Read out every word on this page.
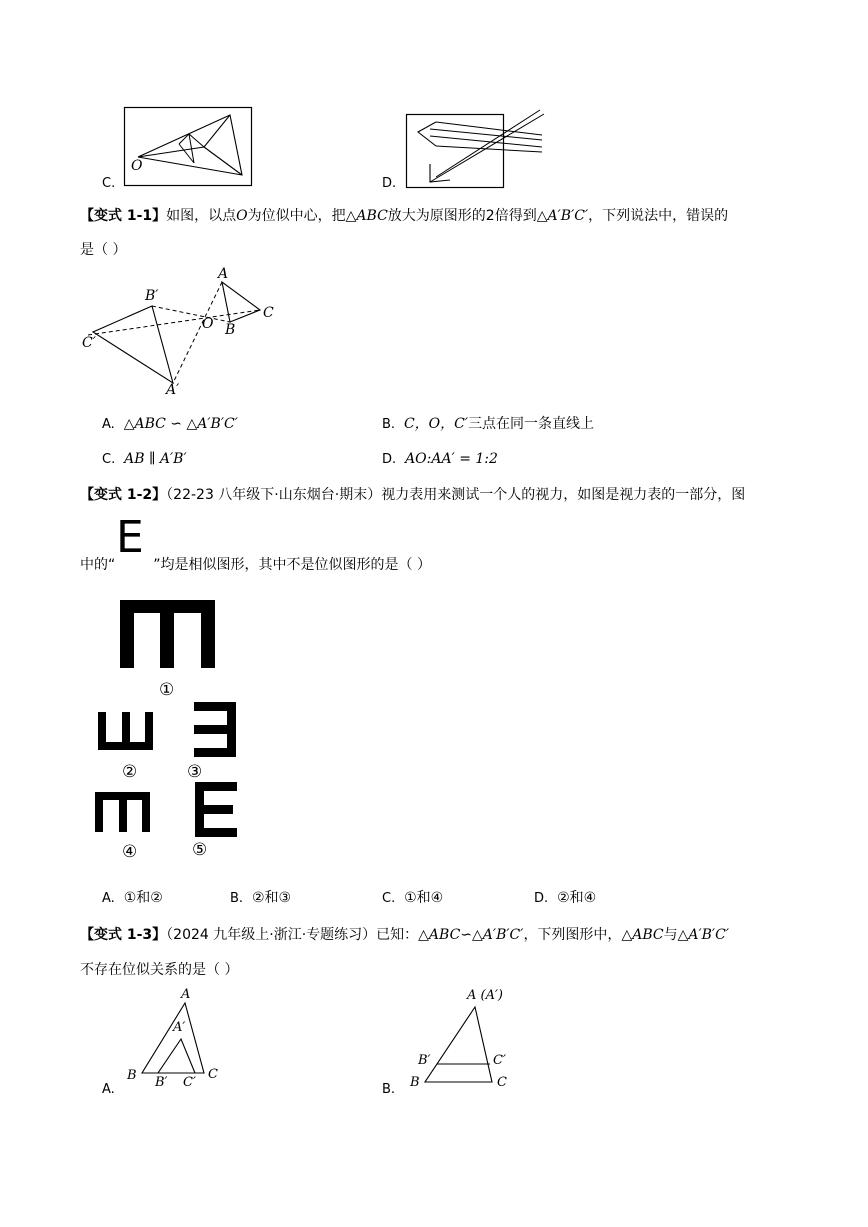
C.
O
D.
【变式 1-1】如图，以点O为位似中心，把△ABC放大为原图形的2倍得到△A′B′C′，下列说法中，错误的
是（ ）
A
B
C
O
A′
B′
C′
A. △ABC ∽ △A′B′C′	B. C，O，C′三点在同一条直线上
C. AB ∥ A′B′	D. AO:AA′ = 1:2
【变式 1-2】（22-23 八年级下·山东烟台·期末）视力表用来测试一个人的视力，如图是视力表的一部分，图
E
中的“	”均是相似图形，其中不是位似图形的是（ ）
①
②	③
④	⑤
A. ①和②	B. ②和③	C. ①和④	D. ②和④
【变式 1-3】（2024 九年级上·浙江·专题练习）已知：△ABC∽△A′B′C′，下列图形中，△ABC与△A′B′C′
不存在位似关系的是（ ）
A.
A
A′
B B′ C′
C
B.
A (A′)
B′	C′
B	C
